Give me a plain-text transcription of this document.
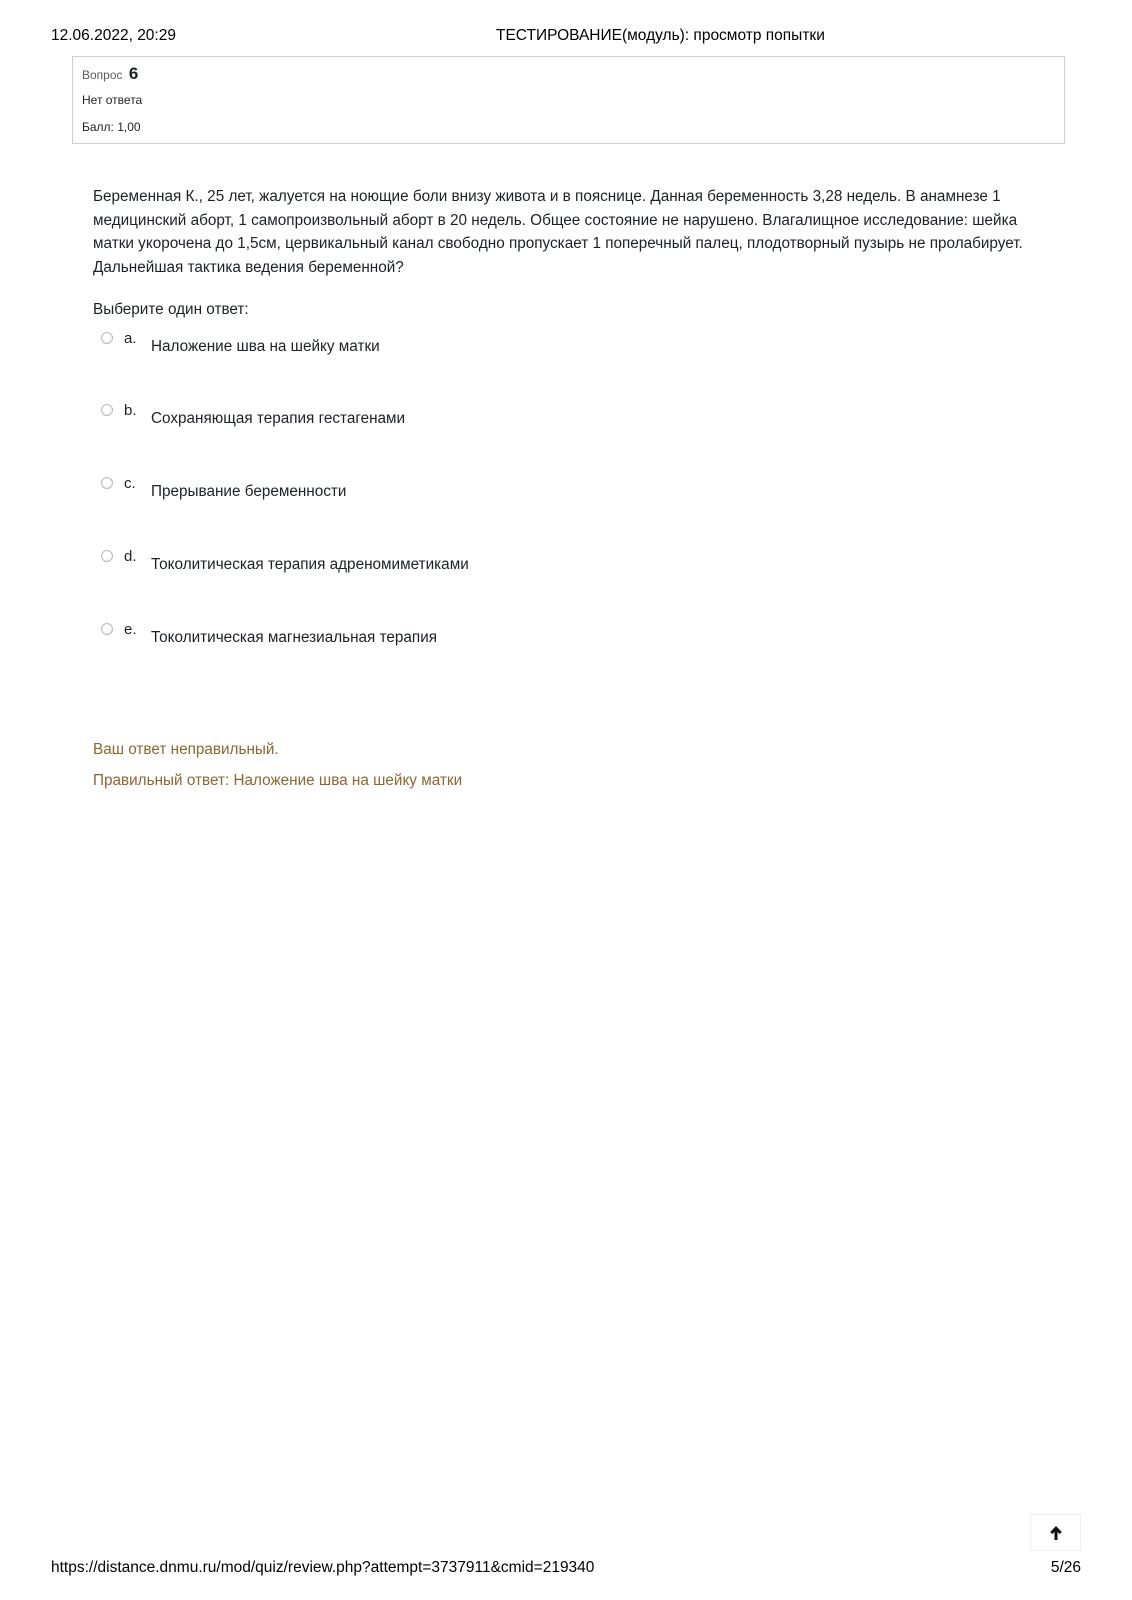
12.06.2022, 20:29	ТЕСТИРОВАНИЕ(модуль): просмотр попытки
Вопрос 6
Нет ответа
Балл: 1,00
Беременная К., 25 лет, жалуется на ноющие боли внизу живота и в пояснице. Данная беременность 3,28 недель. В анамнезе 1 медицинский аборт, 1 самопроизвольный аборт в 20 недель. Общее состояние не нарушено. Влагалищное исследование: шейка матки укорочена до 1,5см, цервикальный канал свободно пропускает 1 поперечный палец, плодотворный пузырь не пролабирует. Дальнейшая тактика ведения беременной?
Выберите один ответ:
a. Наложение шва на шейку матки
b. Сохраняющая терапия гестагенами
c. Прерывание беременности
d. Токолитическая терапия адреномиметиками
e. Токолитическая магнезиальная терапия
Ваш ответ неправильный.
Правильный ответ: Наложение шва на шейку матки
https://distance.dnmu.ru/mod/quiz/review.php?attempt=3737911&cmid=219340	5/26
